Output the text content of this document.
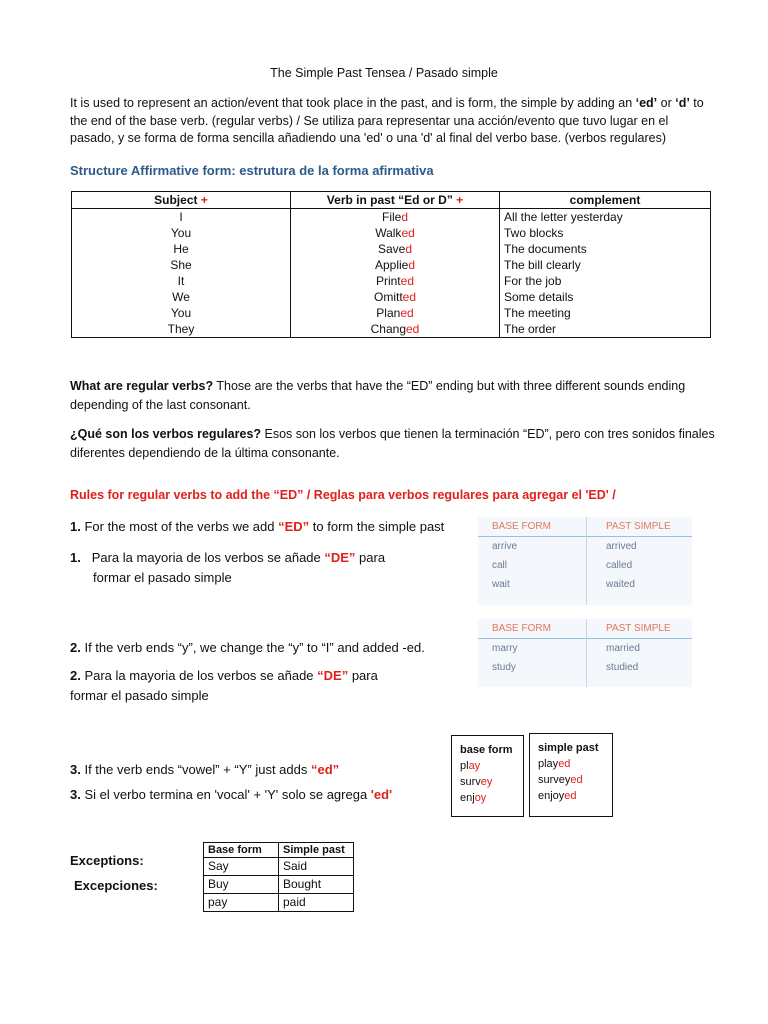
The Simple Past Tensea / Pasado simple
It is used to represent an action/event that took place in the past, and is form, the simple by adding an ‘ed’ or ‘d’ to the end of the base verb. (regular verbs) / Se utiliza para representar una acción/evento que tuvo lugar en el pasado, y se forma de forma sencilla añadiendo una 'ed' o una 'd' al final del verbo base. (verbos regulares)
Structure Affirmative form: estrutura de la forma afirmativa
Subject +	Verb in past “Ed or D” +	complement
I	Filed	All the letter yesterday
You	Walked	Two blocks
He	Saved	The documents
She	Applied	The bill clearly
It	Printed	For the job
We	Omitted	Some details
You	Planed	The meeting
They	Changed	The order
What are regular verbs? Those are the verbs that have the “ED” ending but with three different sounds ending depending of the last consonant.
¿Qué son los verbos regulares? Esos son los verbos que tienen la terminación “ED”, pero con tres sonidos finales diferentes dependiendo de la última consonante.
Rules for regular verbs to add the “ED” / Reglas para verbos regulares para agregar el 'ED' /
1. For the most of the verbs we add “ED” to form the simple past
1. Para la mayoria de los verbos se añade “DE” para
formar el pasado simple
BASE FORM	PAST SIMPLE
arrive	arrived
call	called
wait	waited
2. If the verb ends “y”, we change the “y” to “I” and added -ed.
2. Para la mayoria de los verbos se añade “DE” para
formar el pasado simple
BASE FORM	PAST SIMPLE
marry	married
study	studied
3. If the verb ends “vowel” + “Y” just adds “ed”
3. Si el verbo termina en 'vocal' + 'Y' solo se agrega 'ed'
base form
play
survey
enjoy
simple past
played
surveyed
enjoyed
Exceptions:
Excepciones:
Base form	Simple past
Say	Said
Buy	Bought
pay	paid
